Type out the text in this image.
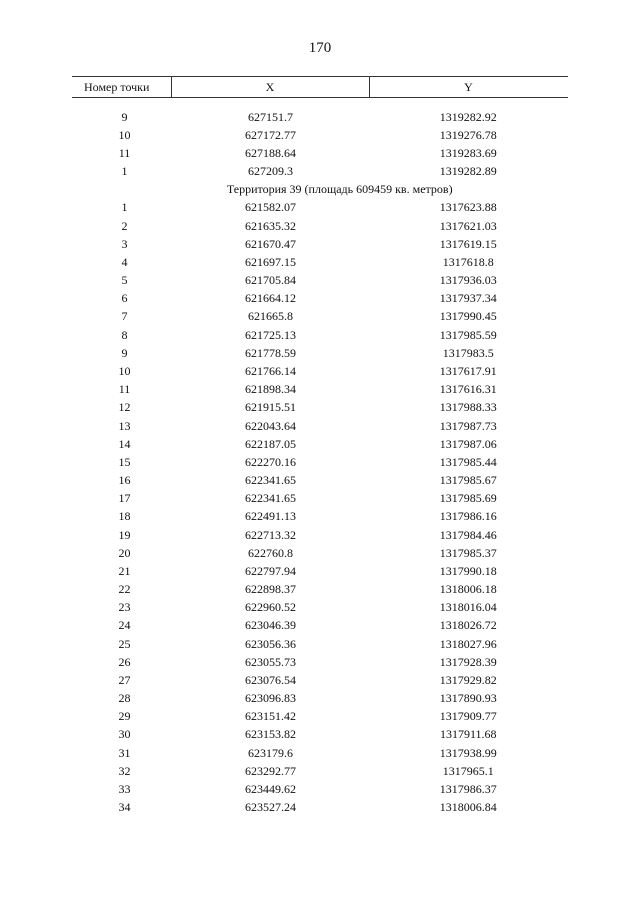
170
Номер точки	X	Y

9	627151.7	1319282.92
10	627172.77	1319276.78
11	627188.64	1319283.69
1	627209.3	1319282.89
Территория 39 (площадь 609459 кв. метров)		
1	621582.07	1317623.88
2	621635.32	1317621.03
3	621670.47	1317619.15
4	621697.15	1317618.8
5	621705.84	1317936.03
6	621664.12	1317937.34
7	621665.8	1317990.45
8	621725.13	1317985.59
9	621778.59	1317983.5
10	621766.14	1317617.91
11	621898.34	1317616.31
12	621915.51	1317988.33
13	622043.64	1317987.73
14	622187.05	1317987.06
15	622270.16	1317985.44
16	622341.65	1317985.67
17	622341.65	1317985.69
18	622491.13	1317986.16
19	622713.32	1317984.46
20	622760.8	1317985.37
21	622797.94	1317990.18
22	622898.37	1318006.18
23	622960.52	1318016.04
24	623046.39	1318026.72
25	623056.36	1318027.96
26	623055.73	1317928.39
27	623076.54	1317929.82
28	623096.83	1317890.93
29	623151.42	1317909.77
30	623153.82	1317911.68
31	623179.6	1317938.99
32	623292.77	1317965.1
33	623449.62	1317986.37
34	623527.24	1318006.84
